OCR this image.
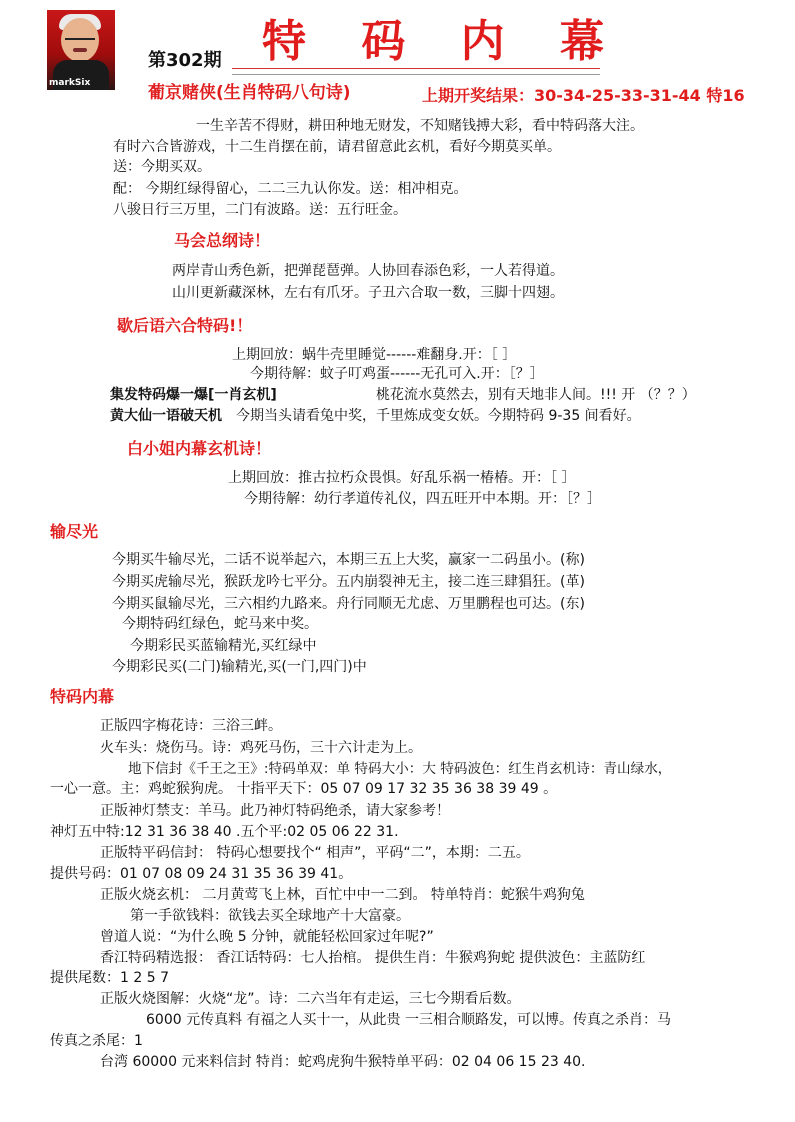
markSix
特 码 内 幕
第302期
葡京赌侠(生肖特码八句诗)	上期开奖结果：30-34-25-33-31-44 特16
一生辛苦不得财，耕田种地无财发，不知赌钱搏大彩，看中特码落大注。
有时六合皆游戏，十二生肖摆在前，请君留意此玄机，看好今期莫买单。
送：今期买双。
配： 今期红绿得留心，二二三九认你发。送：相冲相克。
八骏日行三万里，二门有波路。送：五行旺金。
马会总纲诗！
两岸青山秀色新，把弹琵琶弹。人协回春添色彩，一人若得道。
山川更新藏深林，左右有爪牙。子丑六合取一数，三脚十四翅。
歇后语六合特码!！
上期回放：蜗牛壳里睡觉------难翻身.开：［ ］
今期待解：蚊子叮鸡蛋------无孔可入.开：［？］
集发特码爆一爆[一肖玄机]	桃花流水莫然去，别有天地非人间。!!! 开 （？？）
黄大仙一语破天机 今期当头请看兔中奖，千里炼成变女妖。今期特码 9-35 间看好。
白小姐内幕玄机诗！
上期回放：推古拉朽众畏惧。好乱乐祸一椿椿。开：［ ］
今期待解：幼行孝道传礼仪，四五旺开中本期。开：［？］
输尽光
今期买牛输尽光，二话不说举起六，本期三五上大奖，赢家一二码虽小。(称)
今期买虎输尽光，猴跃龙吟七平分。五内崩裂神无主，接二连三肆猖狂。(革)
今期买鼠输尽光，三六相约九路来。舟行同顺无尤虑、万里鹏程也可达。(东)
今期特码红绿色，蛇马来中奖。
今期彩民买蓝输精光,买红绿中
今期彩民买(二门)输精光,买(一门,四门)中
特码内幕
正版四字梅花诗：三浴三衅。
火车头：烧伤马。诗：鸡死马伤，三十六计走为上。
地下信封《千王之王》:特码单双：单 特码大小：大 特码波色：红生肖玄机诗：青山绿水，
一心一意。主：鸡蛇猴狗虎。 十指平天下：05 07 09 17 32 35 36 38 39 49 。
正版神灯禁支：羊马。此乃神灯特码绝杀，请大家参考！
神灯五中特:12 31 36 38 40 .五个平:02 05 06 22 31.
正版特平码信封： 特码心想要找个“ 相声”，平码“二”，本期：二五。
提供号码：01 07 08 09 24 31 35 36 39 41。
正版火烧玄机： 二月黄莺飞上林，百忙中中一二到。 特单特肖：蛇猴牛鸡狗兔
第一手欲钱料：欲钱去买全球地产十大富豪。
曾道人说：“为什么晚 5 分钟，就能轻松回家过年呢?”
香江特码精选报： 香江话特码：七人抬棺。 提供生肖：牛猴鸡狗蛇 提供波色：主蓝防红
提供尾数：1 2 5 7
正版火烧图解：火烧“龙”。诗：二六当年有走运，三七今期看后数。
6000 元传真料 有福之人买十一，从此贵 一三相合顺路发，可以博。传真之杀肖：马
传真之杀尾：1
台湾 60000 元来料信封 特肖：蛇鸡虎狗牛猴特单平码：02 04 06 15 23 40.
